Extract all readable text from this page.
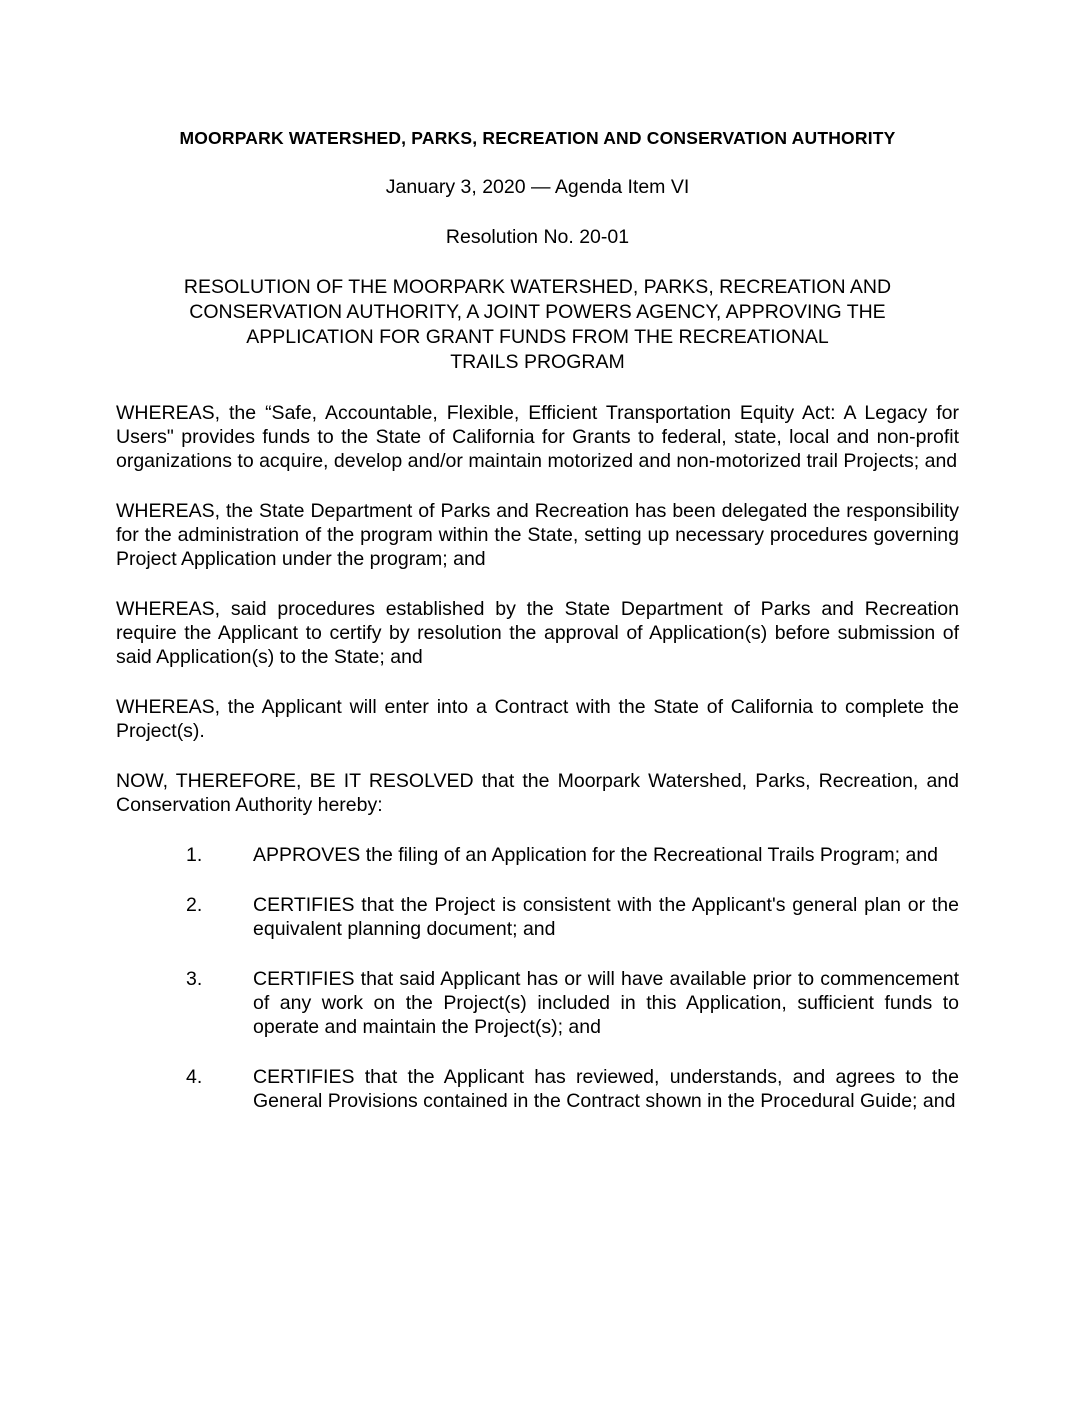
MOORPARK WATERSHED, PARKS, RECREATION AND CONSERVATION AUTHORITY
January 3, 2020 — Agenda Item VI
Resolution No. 20-01
RESOLUTION OF THE MOORPARK WATERSHED, PARKS, RECREATION AND
CONSERVATION AUTHORITY, A JOINT POWERS AGENCY, APPROVING THE
APPLICATION FOR GRANT FUNDS FROM THE RECREATIONAL
TRAILS PROGRAM

WHEREAS, the “Safe, Accountable, Flexible, Efficient Transportation Equity Act: A Legacy for Users" provides funds to the State of California for Grants to federal, state, local and non-profit organizations to acquire, develop and/or maintain motorized and non-motorized trail Projects; and

WHEREAS, the State Department of Parks and Recreation has been delegated the responsibility for the administration of the program within the State, setting up necessary procedures governing Project Application under the program; and

WHEREAS, said procedures established by the State Department of Parks and Recreation require the Applicant to certify by resolution the approval of Application(s) before submission of said Application(s) to the State; and

WHEREAS, the Applicant will enter into a Contract with the State of California to complete the Project(s).

NOW, THEREFORE, BE IT RESOLVED that the Moorpark Watershed, Parks, Recreation, and Conservation Authority hereby:

1.	APPROVES the filing of an Application for the Recreational Trails Program; and
2.	CERTIFIES that the Project is consistent with the Applicant's general plan or the equivalent planning document; and
3.	CERTIFIES that said Applicant has or will have available prior to commencement of any work on the Project(s) included in this Application, sufficient funds to operate and maintain the Project(s); and
4.	CERTIFIES that the Applicant has reviewed, understands, and agrees to the General Provisions contained in the Contract shown in the Procedural Guide; and
